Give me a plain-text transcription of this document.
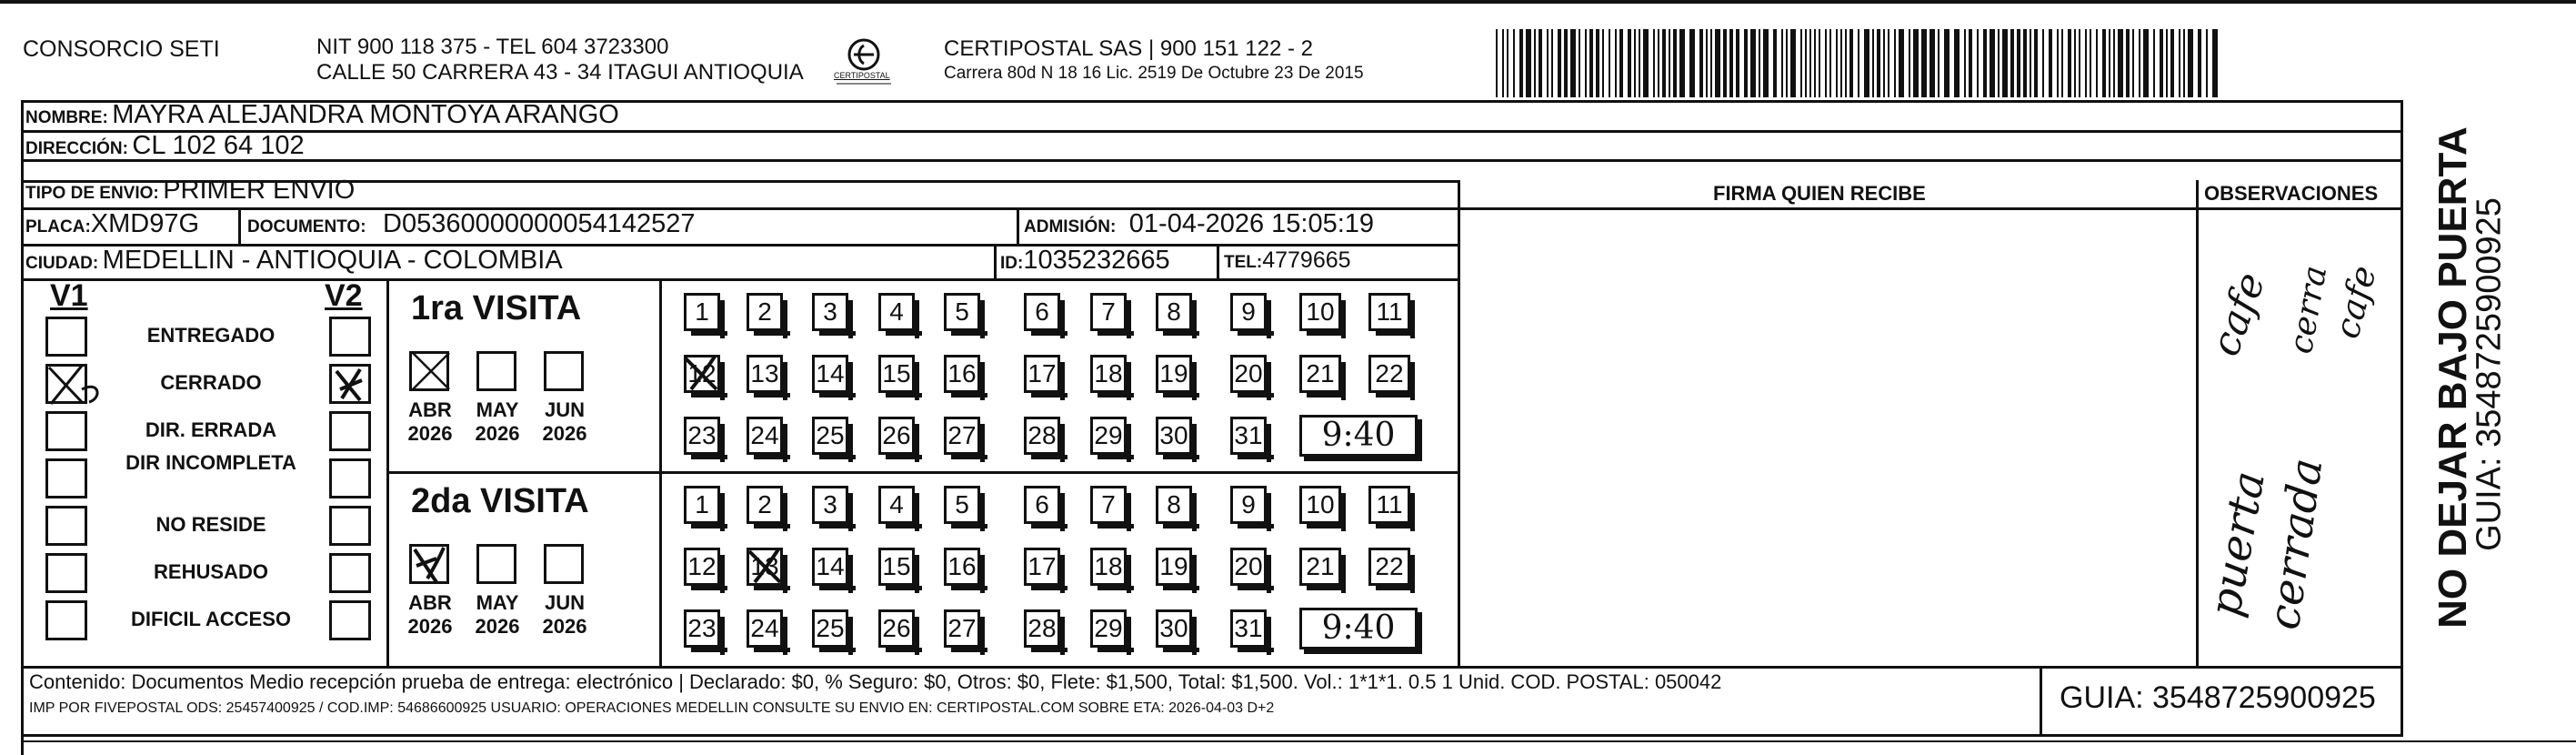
CONSORCIO SETI	NIT 900 118 375 - TEL 604 3723300
CALLE 50 CARRERA 43 - 34 ITAGUI ANTIOQUIA	CERTIPOSTAL
CERTIPOSTAL SAS | 900 151 122 - 2
Carrera 80d N 18 16 Lic. 2519 De Octubre 23 De 2015
NOMBRE: MAYRA ALEJANDRA MONTOYA ARANGO
DIRECCIÓN: CL 102 64 102
TIPO DE ENVIO: PRIMER ENVIO
PLACA:XMD97G	DOCUMENTO: D05360000000054142527	ADMISIÓN: 01-04-2026 15:05:19
CIUDAD: MEDELLIN - ANTIOQUIA - COLOMBIA	ID:1035232665	TEL:4779665
FIRMA QUIEN RECIBE	OBSERVACIONES
V1	V2
ENTREGADO
CERRADO
DIR. ERRADA
DIR INCOMPLETA
NO RESIDE
REHUSADO
DIFICIL ACCESO
1ra VISITA
ABR
2026
MAY
2026
JUN
2026
1	2	3	4	5	6	7	8	9	10	11
12 13 14 15 16 17 18 19 20 21 22
23 24 25 26 27 28 29 30 31	9:40
2da VISITA
ABR
2026
MAY
2026
JUN
2026
1	2	3	4	5	6	7	8	9	10	11
12 13 14 15 16 17 18 19 20 21 22
23 24 25 26 27 28 29 30 31	9:40
cafe cerra
cafe
puerta
cerrada
Contenido: Documentos Medio recepción prueba de entrega: electrónico | Declarado: $0, % Seguro: $0, Otros: $0, Flete: $1,500, Total: $1,500. Vol.: 1*1*1. 0.5 1 Unid. COD. POSTAL: 050042
IMP POR FIVEPOSTAL ODS: 25457400925 / COD.IMP: 54686600925 USUARIO: OPERACIONES MEDELLIN CONSULTE SU ENVIO EN: CERTIPOSTAL.COM SOBRE ETA: 2026-04-03 D+2	GUIA: 3548725900925
NO DEJAR BAJO PUERTA
GUIA: 3548725900925
